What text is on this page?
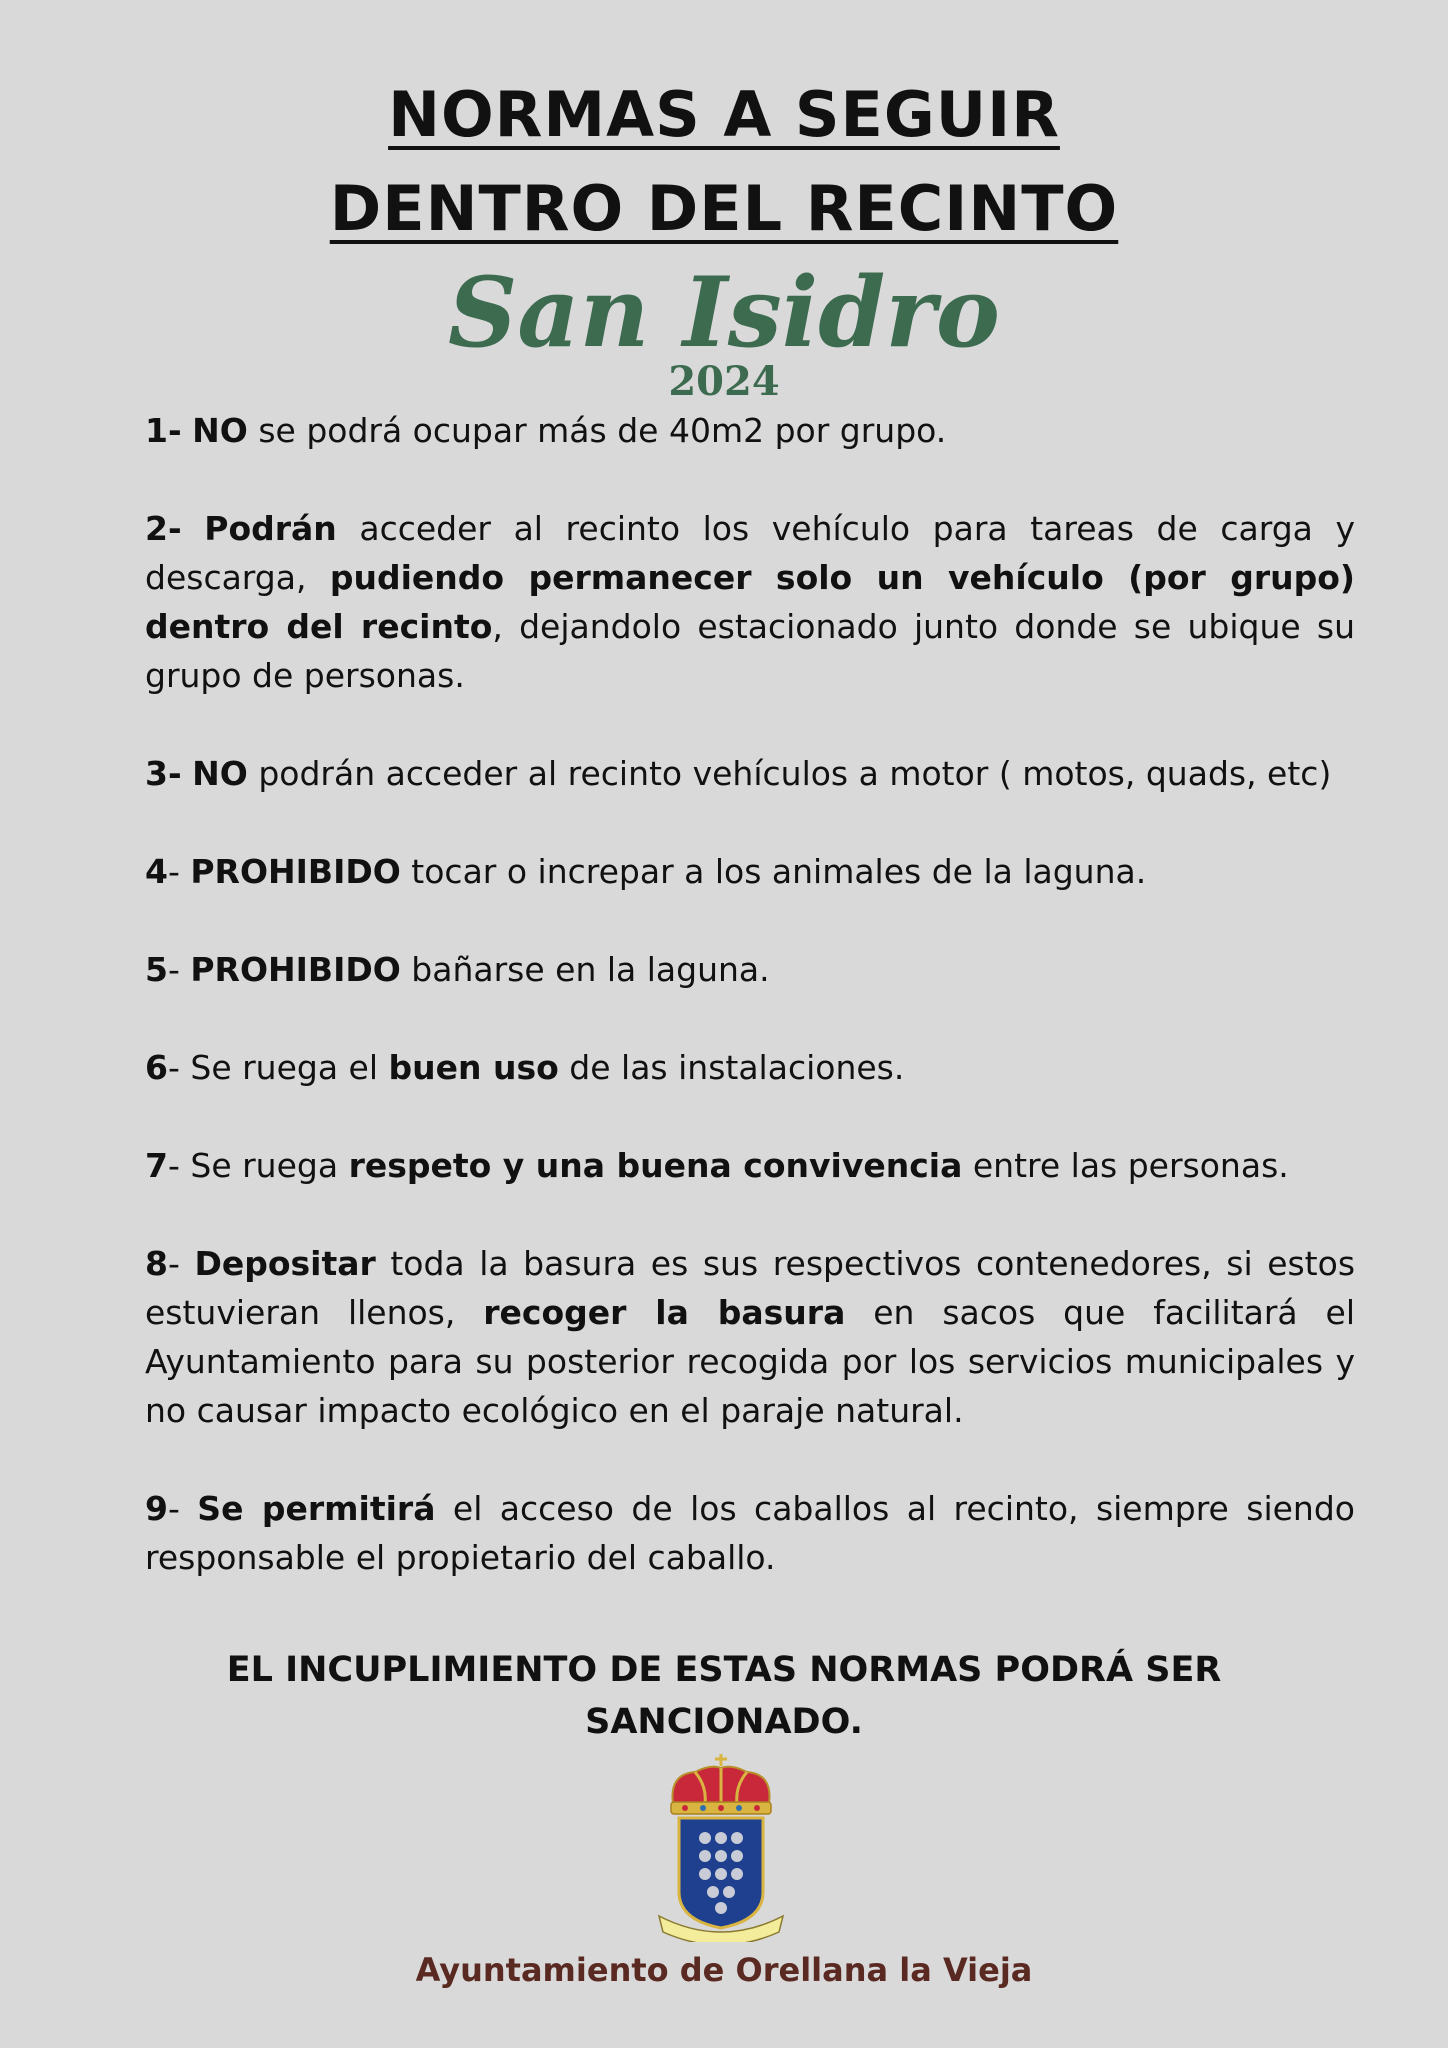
NORMAS A SEGUIR
DENTRO DEL RECINTO
San Isidro
2024

1- NO se podrá ocupar más de 40m2 por grupo.

2- Podrán acceder al recinto los vehículo para tareas de carga y descarga, pudiendo permanecer solo un vehículo (por grupo) dentro del recinto, dejandolo estacionado junto donde se ubique su grupo de personas.

3- NO podrán acceder al recinto vehículos a motor ( motos, quads, etc)

4- PROHIBIDO tocar o increpar a los animales de la laguna.

5- PROHIBIDO bañarse en la laguna.

6- Se ruega el buen uso de las instalaciones.

7- Se ruega respeto y una buena convivencia entre las personas.

8- Depositar toda la basura es sus respectivos contenedores, si estos estuvieran llenos, recoger la basura en sacos que facilitará el Ayuntamiento para su posterior recogida por los servicios municipales y no causar impacto ecológico en el paraje natural.

9- Se permitirá el acceso de los caballos al recinto, siempre siendo responsable el propietario del caballo.

EL INCUPLIMIENTO DE ESTAS NORMAS PODRÁ SER
SANCIONADO.
Ayuntamiento de Orellana la Vieja
